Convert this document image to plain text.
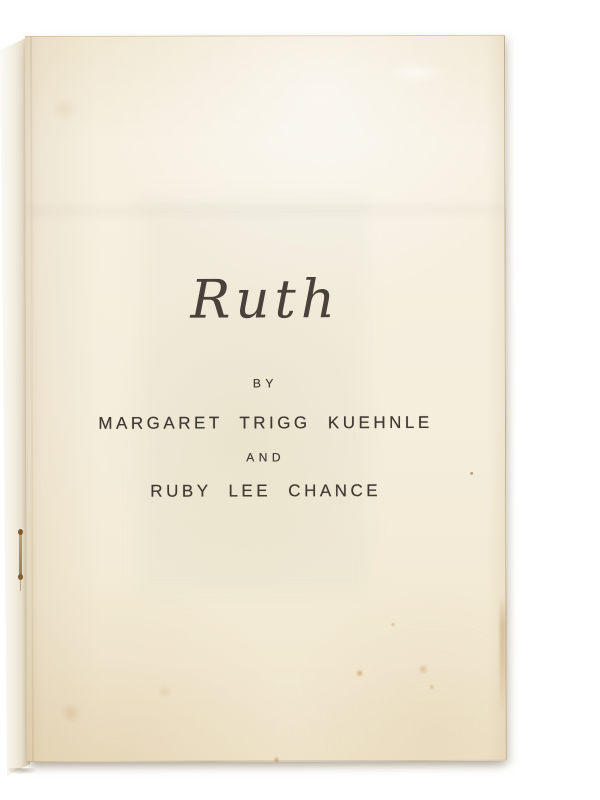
Ruth
BY
MARGARET TRIGG KUEHNLE
AND
RUBY LEE CHANCE
